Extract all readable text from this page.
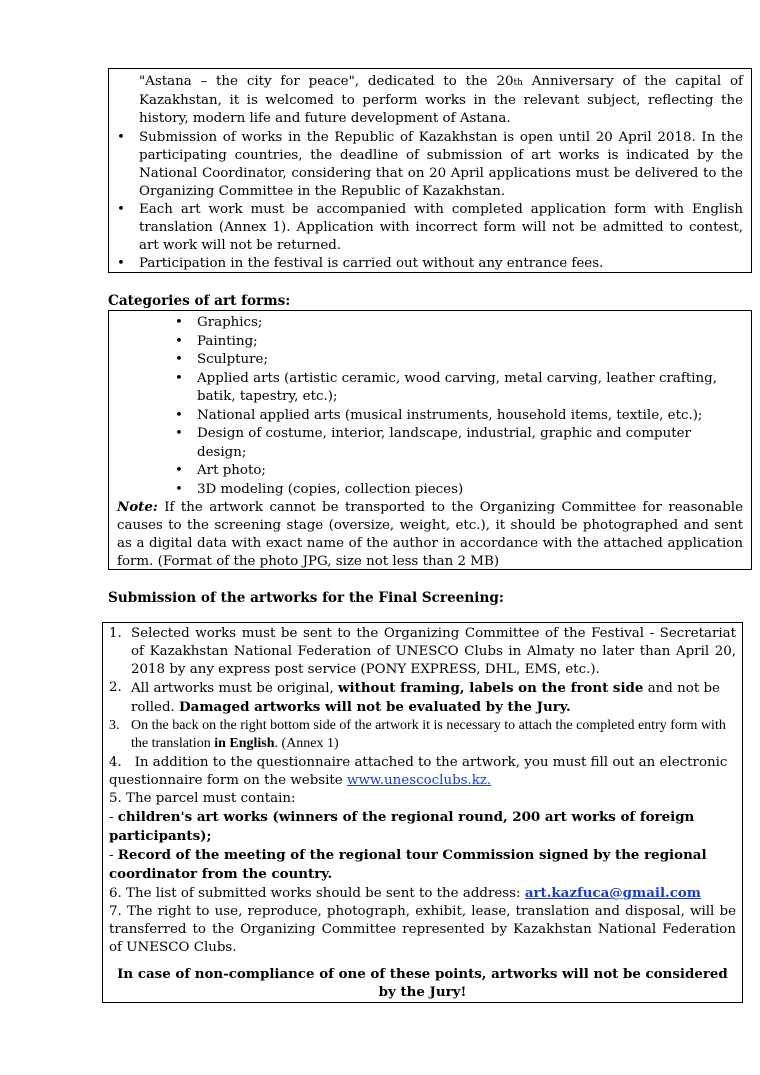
"Astana – the city for peace", dedicated to the 20th Anniversary of the capital of Kazakhstan, it is welcomed to perform works in the relevant subject, reflecting the history, modern life and future development of Astana.
• Submission of works in the Republic of Kazakhstan is open until 20 April 2018. In the participating countries, the deadline of submission of art works is indicated by the National Coordinator, considering that on 20 April applications must be delivered to the Organizing Committee in the Republic of Kazakhstan.
• Each art work must be accompanied with completed application form with English translation (Annex 1). Application with incorrect form will not be admitted to contest, art work will not be returned.
• Participation in the festival is carried out without any entrance fees.
Categories of art forms:
• Graphics;
• Painting;
• Sculpture;
• Applied arts (artistic ceramic, wood carving, metal carving, leather crafting, batik, tapestry, etc.);
• National applied arts (musical instruments, household items, textile, etc.);
• Design of costume, interior, landscape, industrial, graphic and computer design;
• Art photo;
• 3D modeling (copies, collection pieces)
Note: If the artwork cannot be transported to the Organizing Committee for reasonable causes to the screening stage (oversize, weight, etc.), it should be photographed and sent as a digital data with exact name of the author in accordance with the attached application form. (Format of the photo JPG, size not less than 2 MB)
Submission of the artworks for the Final Screening:
1. Selected works must be sent to the Organizing Committee of the Festival - Secretariat of Kazakhstan National Federation of UNESCO Clubs in Almaty no later than April 20, 2018 by any express post service (PONY EXPRESS, DHL, EMS, etc.).
2. All artworks must be original, without framing, labels on the front side and not be rolled. Damaged artworks will not be evaluated by the Jury.
3. On the back on the right bottom side of the artwork it is necessary to attach the completed entry form with the translation in English. (Annex 1)
4. In addition to the questionnaire attached to the artwork, you must fill out an electronic questionnaire form on the website www.unescoclubs.kz.
5. The parcel must contain:
- children's art works (winners of the regional round, 200 art works of foreign participants);
- Record of the meeting of the regional tour Commission signed by the regional coordinator from the country.
6. The list of submitted works should be sent to the address: art.kazfuca@gmail.com
7. The right to use, reproduce, photograph, exhibit, lease, translation and disposal, will be transferred to the Organizing Committee represented by Kazakhstan National Federation of UNESCO Clubs.
In case of non-compliance of one of these points, artworks will not be considered by the Jury!
